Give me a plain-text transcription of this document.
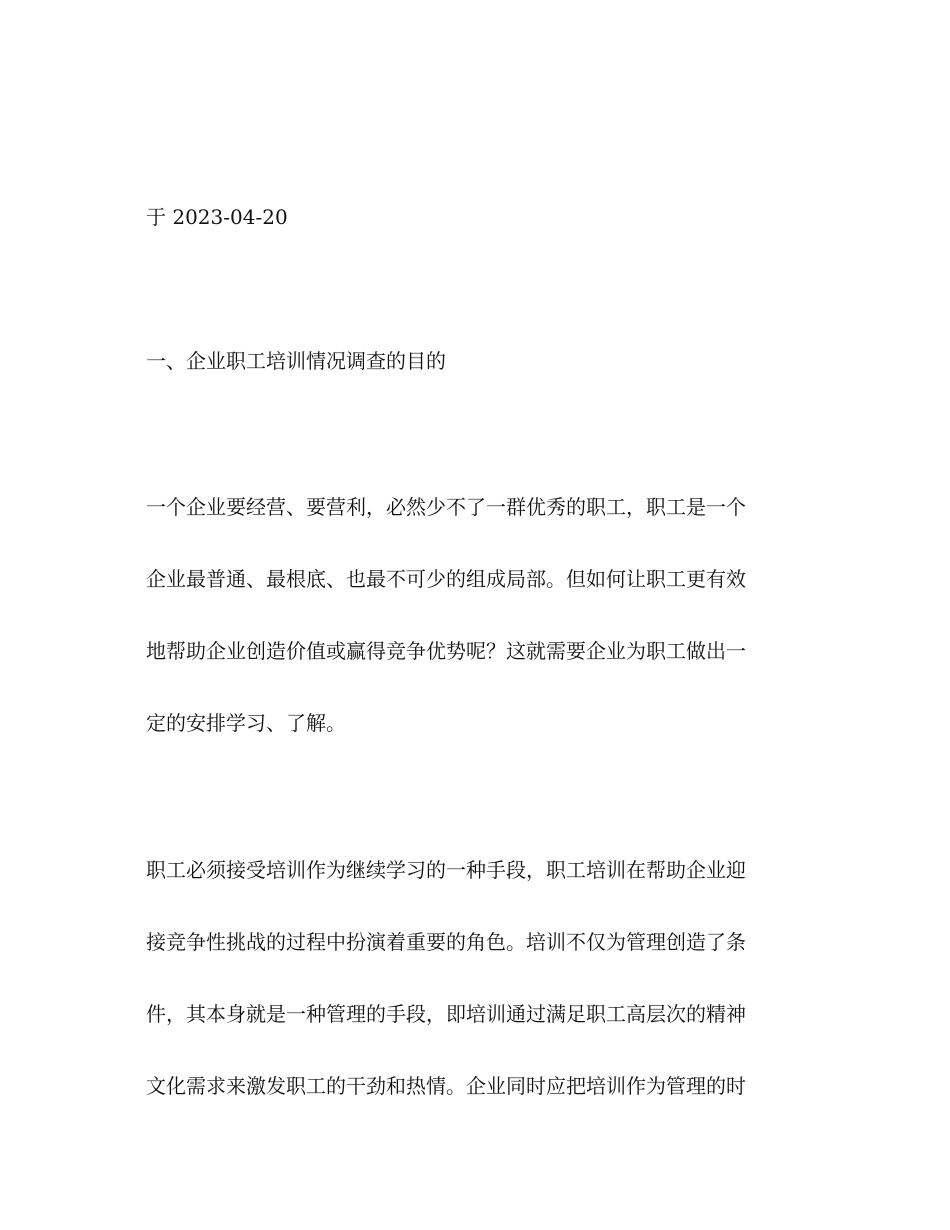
于 2023-04-20
一、企业职工培训情况调查的目的
一个企业要经营、要营利，必然少不了一群优秀的职工，职工是一个
企业最普通、最根底、也最不可少的组成局部。但如何让职工更有效
地帮助企业创造价值或赢得竞争优势呢？这就需要企业为职工做出一
定的安排学习、了解。
职工必须接受培训作为继续学习的一种手段，职工培训在帮助企业迎
接竞争性挑战的过程中扮演着重要的角色。培训不仅为管理创造了条
件，其本身就是一种管理的手段，即培训通过满足职工高层次的精神
文化需求来激发职工的干劲和热情。企业同时应把培训作为管理的时
